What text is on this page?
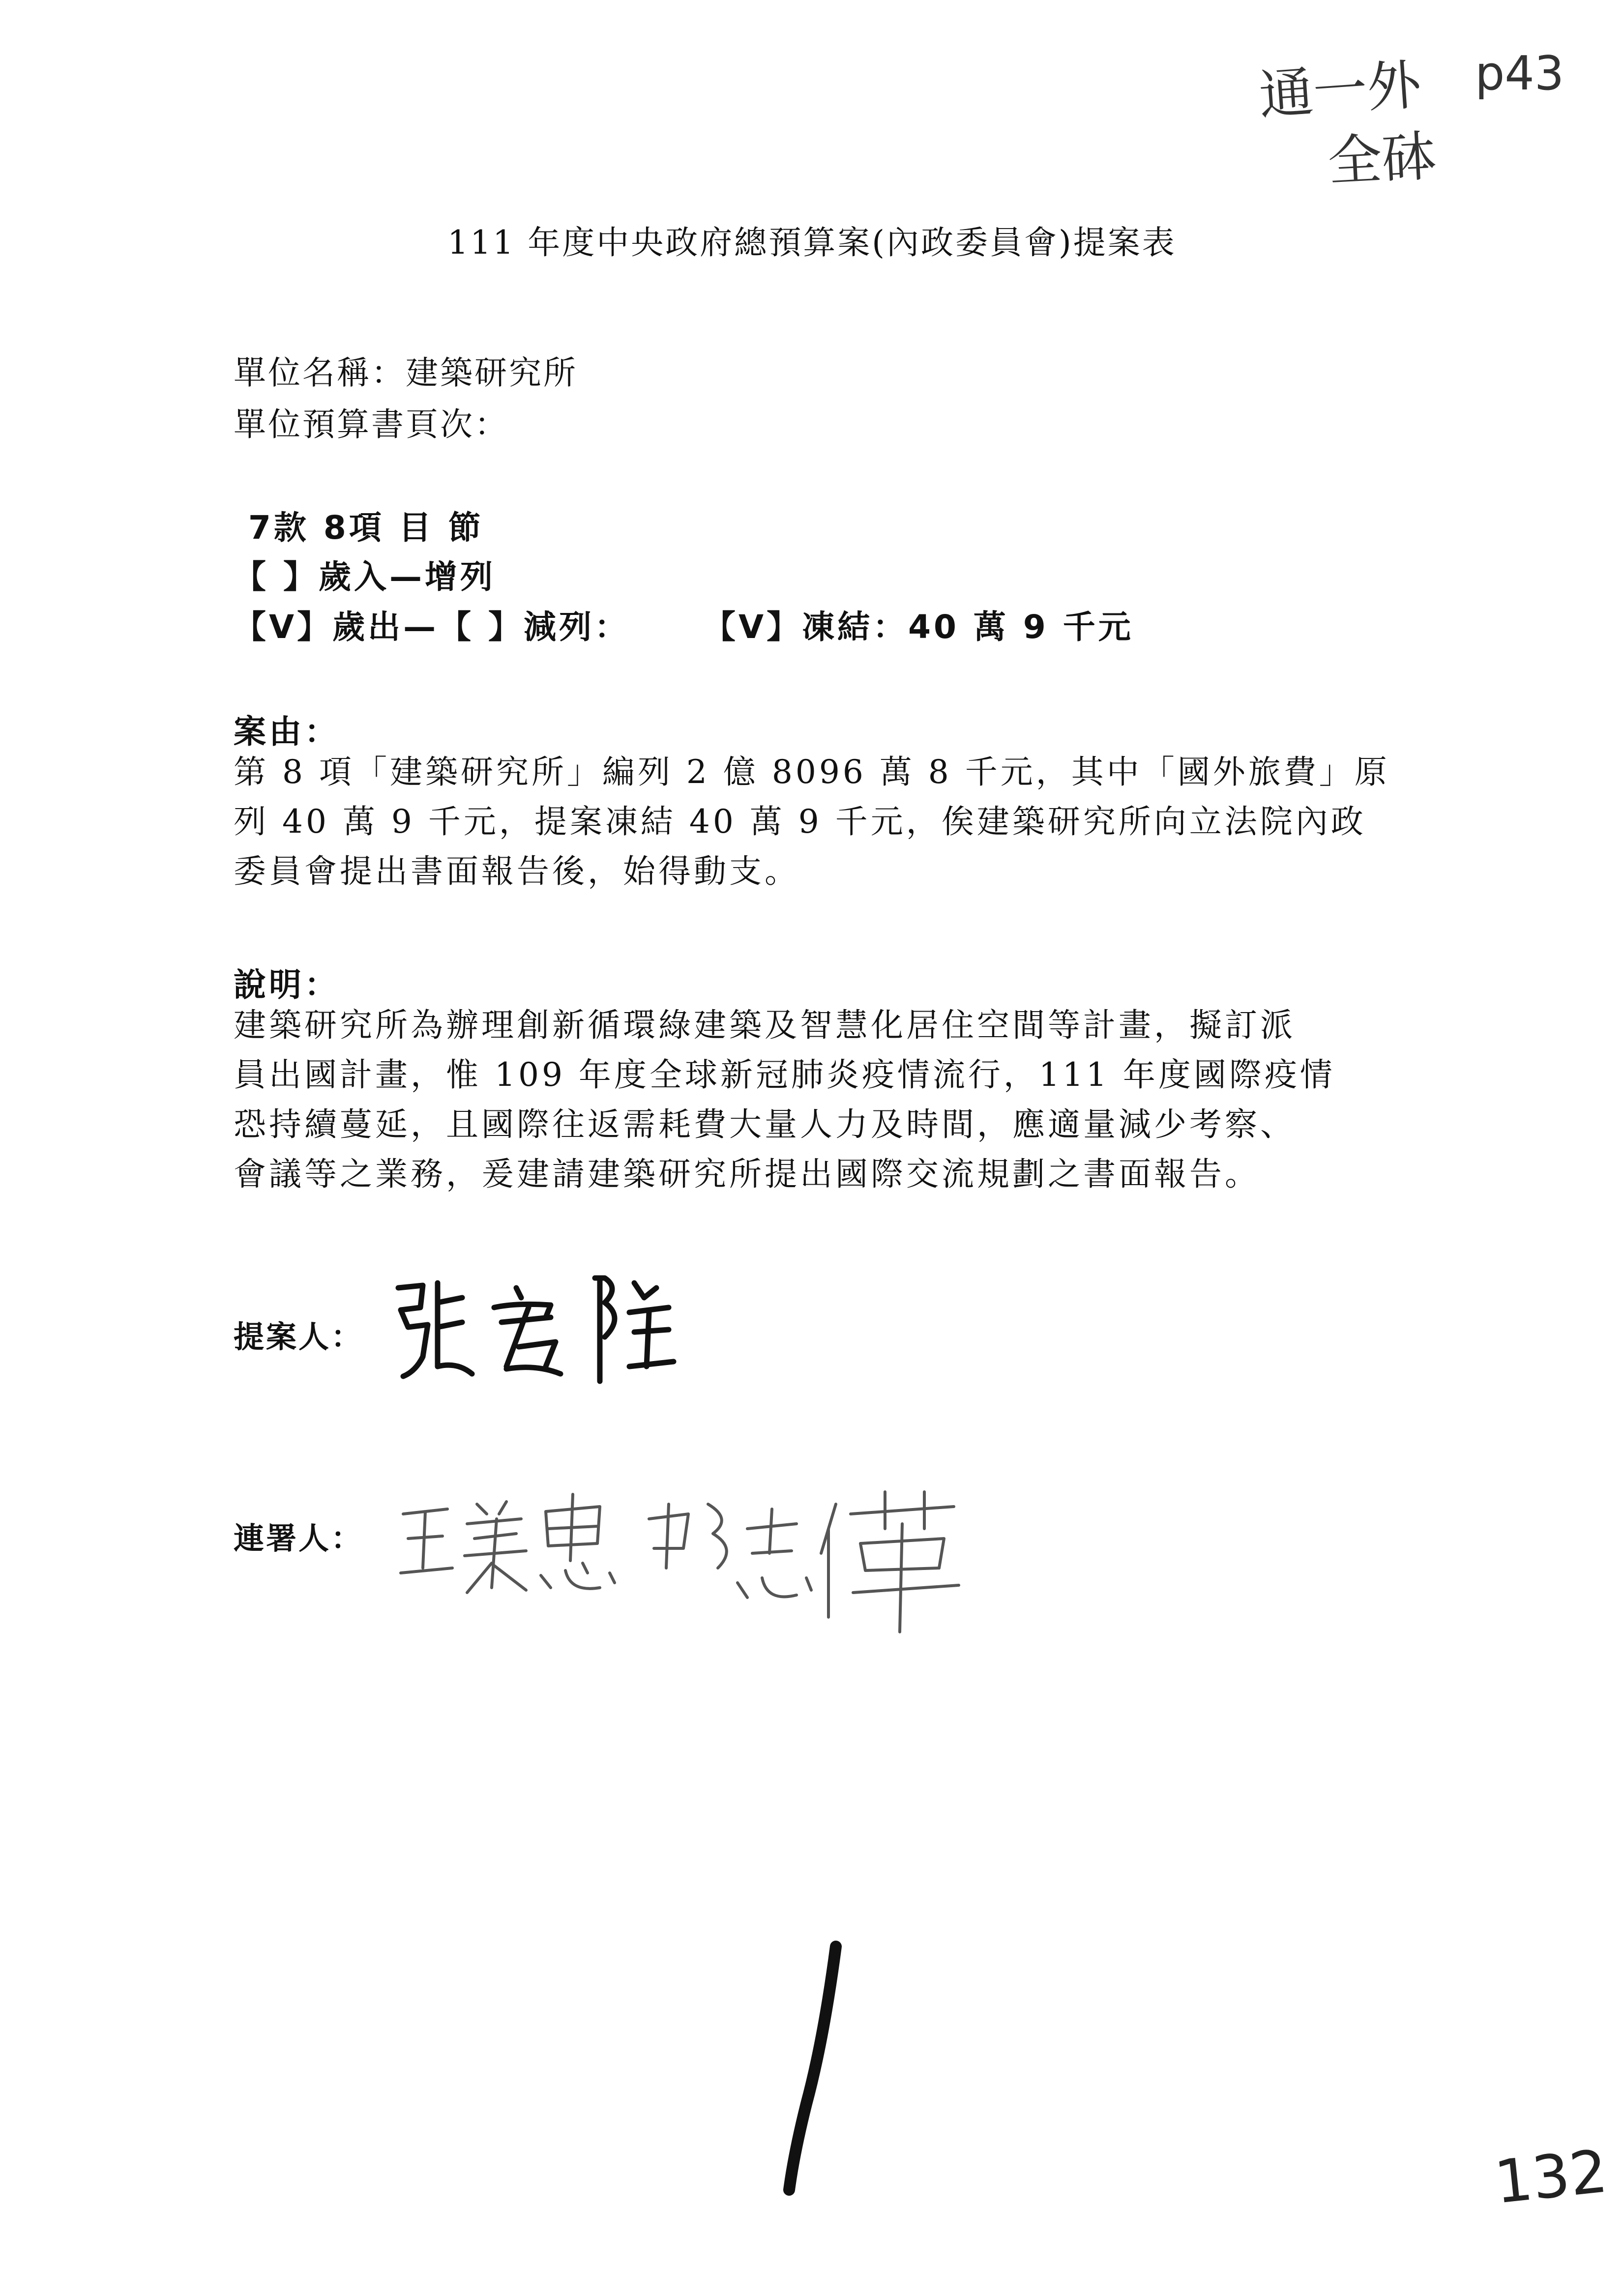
通一外
全砵
p43
111 年度中央政府總預算案(內政委員會)提案表
單位名稱：建築研究所
單位預算書頁次：
7款 8項 目 節
【 】歲入—增列
【V】歲出—【 】減列： 【V】凍結：40 萬 9 千元
案由：

第 8 項「建築研究所」編列 2 億 8096 萬 8 千元，其中「國外旅費」原

列 40 萬 9 千元，提案凍結 40 萬 9 千元，俟建築研究所向立法院內政

委員會提出書面報告後，始得動支。

說明：

建築研究所為辦理創新循環綠建築及智慧化居住空間等計畫，擬訂派

員出國計畫，惟 109 年度全球新冠肺炎疫情流行，111 年度國際疫情

恐持續蔓延，且國際往返需耗費大量人力及時間，應適量減少考察、

會議等之業務，爰建請建築研究所提出國際交流規劃之書面報告。

提案人：
連署人：
132
